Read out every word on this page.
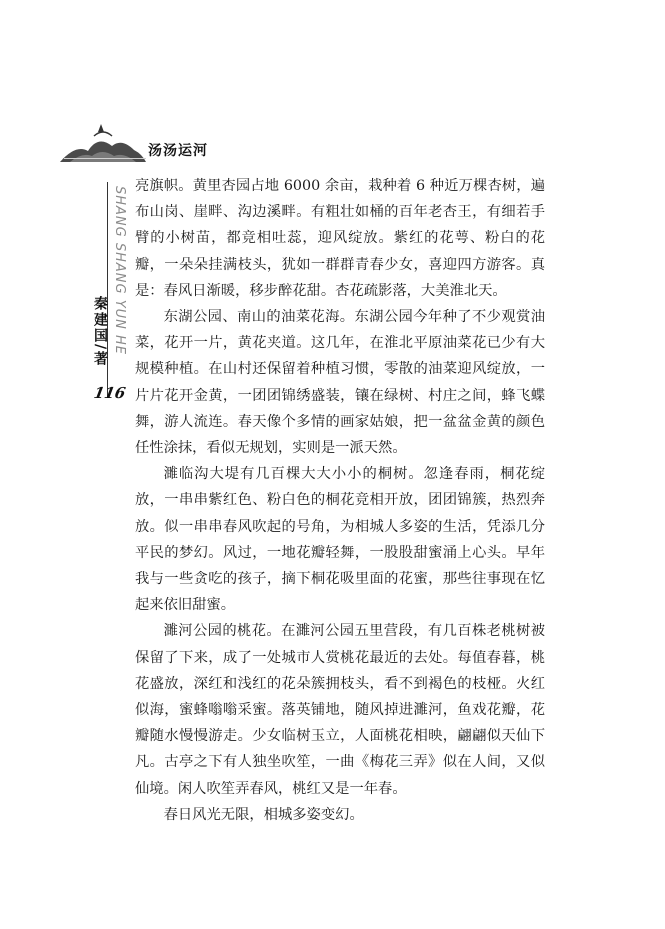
汤汤运河
SHANG SHANG YUN HE
秦建国/著
116

亮旗帜。黄里杏园占地 6000 余亩，栽种着 6 种近万棵杏树，遍布山岗、崖畔、沟边溪畔。有粗壮如桶的百年老杏王，有细若手臂的小树苗，都竞相吐蕊，迎风绽放。紫红的花萼、粉白的花瓣，一朵朵挂满枝头，犹如一群群青春少女，喜迎四方游客。真是：春风日渐暖，移步醉花甜。杏花疏影落，大美淮北天。

东湖公园、南山的油菜花海。东湖公园今年种了不少观赏油菜，花开一片，黄花夹道。这几年，在淮北平原油菜花已少有大规模种植。在山村还保留着种植习惯，零散的油菜迎风绽放，一片片花开金黄，一团团锦绣盛装，镶在绿树、村庄之间，蜂飞蝶舞，游人流连。春天像个多情的画家姑娘，把一盆盆金黄的颜色任性涂抹，看似无规划，实则是一派天然。

濉临沟大堤有几百棵大大小小的桐树。忽逢春雨，桐花绽放，一串串紫红色、粉白色的桐花竞相开放，团团锦簇，热烈奔放。似一串串春风吹起的号角，为相城人多姿的生活，凭添几分平民的梦幻。风过，一地花瓣轻舞，一股股甜蜜涌上心头。早年我与一些贪吃的孩子，摘下桐花吸里面的花蜜，那些往事现在忆起来依旧甜蜜。

濉河公园的桃花。在濉河公园五里营段，有几百株老桃树被保留了下来，成了一处城市人赏桃花最近的去处。每值春暮，桃花盛放，深红和浅红的花朵簇拥枝头，看不到褐色的枝桠。火红似海，蜜蜂嗡嗡采蜜。落英铺地，随风掉进濉河，鱼戏花瓣，花瓣随水慢慢游走。少女临树玉立，人面桃花相映，翩翩似天仙下凡。古亭之下有人独坐吹笙，一曲《梅花三弄》似在人间，又似仙境。闲人吹笙弄春风，桃红又是一年春。

春日风光无限，相城多姿变幻。
